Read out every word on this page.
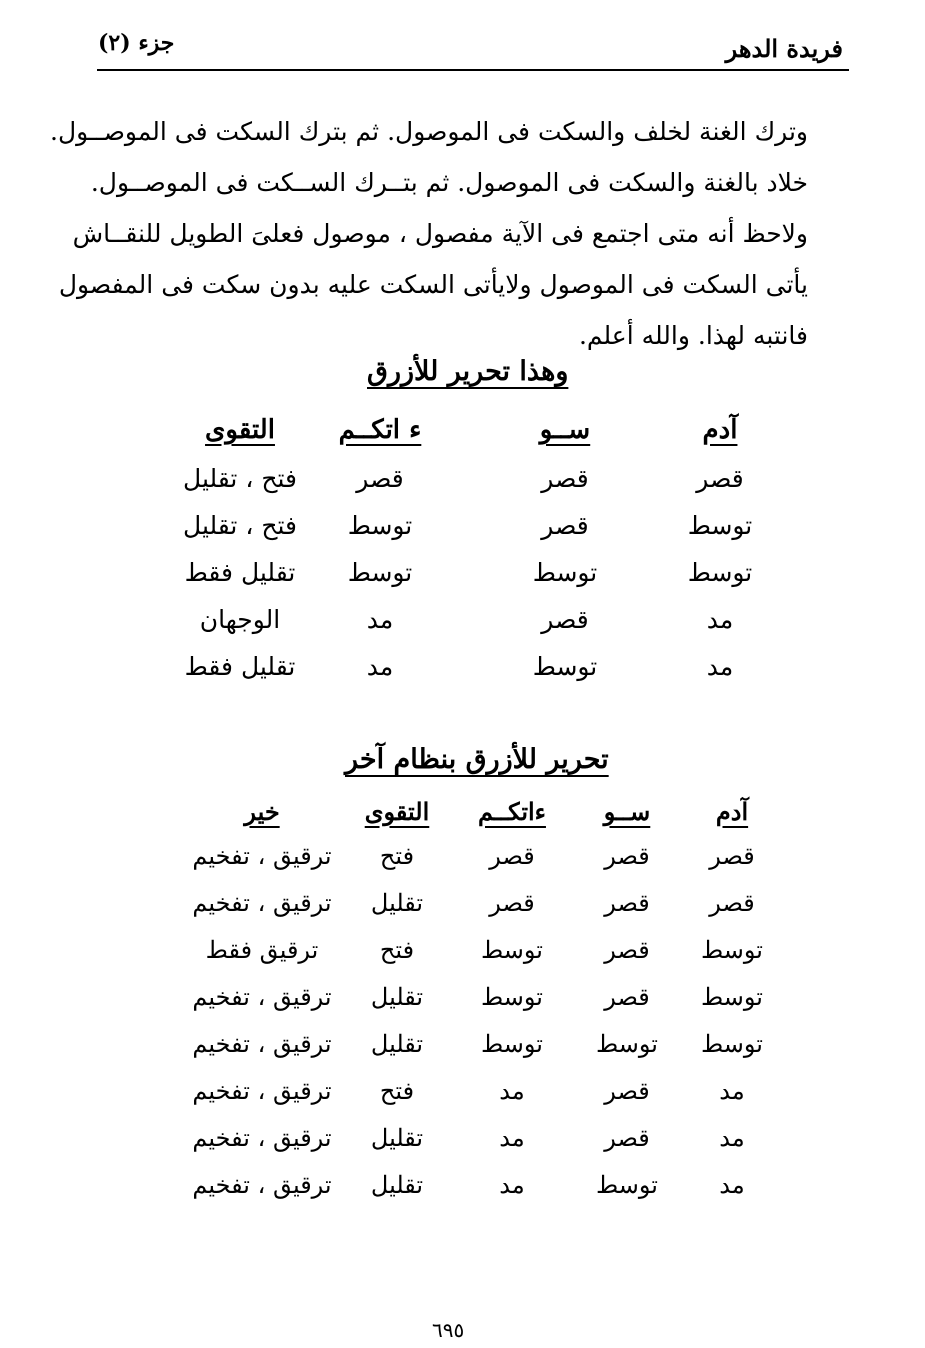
فريدة الدهر
جزء (٢)
وترك الغنة لخلف والسكت فى الموصول. ثم بترك السكت فى الموصــول.
خلاد بالغنة والسكت فى الموصول. ثم بتــرك الســكت فى الموصــول.
ولاحظ أنه متى اجتمع فى الآية مفصول ، موصول فعلىَ الطويل للنقــاش
يأتى السكت فى الموصول ولايأتى السكت عليه بدون سكت فى المفصول
فانتبه لهذا. والله أعلم.
وهذا تحرير للأزرق
آدم	ســو	ء اتكــم	التقوى
قصر	قصر	قصر	فتح ، تقليل
توسط	قصر	توسط	فتح ، تقليل
توسط	توسط	توسط	تقليل فقط
مد	قصر	مد	الوجهان
مد	توسط	مد	تقليل فقط
تحرير للأزرق بنظام آخر
آدم	ســو	ءاتكــم	التقوى	خير
قصر	قصر	قصر	فتح	ترقيق ، تفخيم
قصر	قصر	قصر	تقليل	ترقيق ، تفخيم
توسط	قصر	توسط	فتح	ترقيق فقط
توسط	قصر	توسط	تقليل	ترقيق ، تفخيم
توسط	توسط	توسط	تقليل	ترقيق ، تفخيم
مد	قصر	مد	فتح	ترقيق ، تفخيم
مد	قصر	مد	تقليل	ترقيق ، تفخيم
مد	توسط	مد	تقليل	ترقيق ، تفخيم
٦٩٥
